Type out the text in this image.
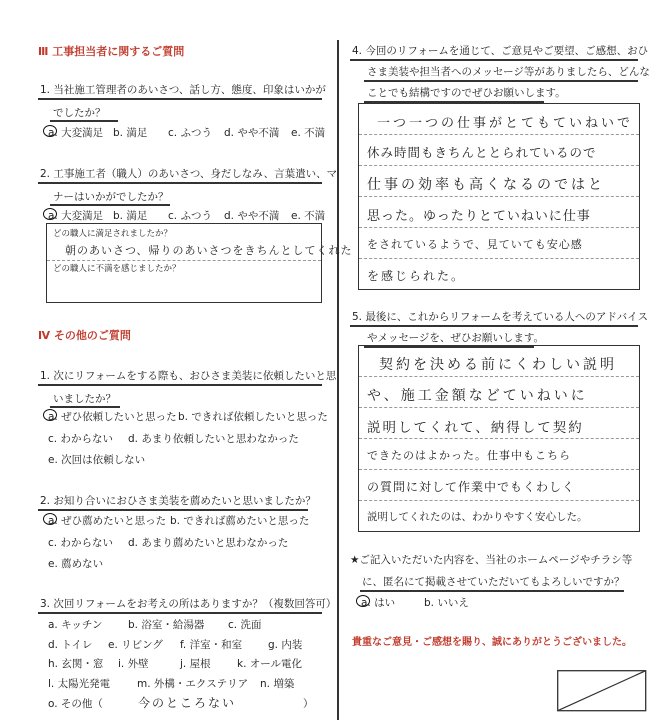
Ⅲ 工事担当者に関するご質問
1. 当社施工管理者のあいさつ、話し方、態度、印象はいかが
でしたか？
a. 大変満足 b. 満足 c. ふつう d. やや不満 e. 不満
2. 工事施工者（職人）のあいさつ、身だしなみ、言葉遣い、マ
ナーはいかがでしたか？
a. 大変満足 b. 満足 c. ふつう d. やや不満 e. 不満
どの職人に満足されましたか？
朝のあいさつ、帰りのあいさつをきちんとしてくれた
どの職人に不満を感じましたか？
Ⅳ その他のご質問
1. 次にリフォームをする際も、おひさま美装に依頼したいと思
いましたか？
a. ぜひ依頼したいと思った b. できれば依頼したいと思った
c. わからない d. あまり依頼したいと思わなかった
e. 次回は依頼しない
2. お知り合いにおひさま美装を薦めたいと思いましたか？
a. ぜひ薦めたいと思った b. できれば薦めたいと思った
c. わからない d. あまり薦めたいと思わなかった
e. 薦めない
3. 次回リフォームをお考えの所はありますか？（複数回答可）
a. キッチン b. 浴室・給湯器 c. 洗面
d. トイレ e. リビング f. 洋室・和室 g. 内装
h. 玄関・窓 i. 外壁	j. 屋根	k. オール電化
l. 太陽光発電	m. 外構・エクステリア n. 増築
o. その他（	今のところない	）
4. 今回のリフォームを通じて、ご意見やご要望、ご感想、おひ
さま美装や担当者へのメッセージ等がありましたら、どんな
ことでも結構ですのでぜひお願いします。
一つ一つの仕事がとてもていねいで
休み時間もきちんととられているので
仕事の効率も高くなるのではと
思った。ゆったりとていねいに仕事
をされているようで、見ていても安心感
を感じられた。
5. 最後に、これからリフォームを考えている人へのアドバイス
やメッセージを、ぜひお願いします。
契約を決める前にくわしい説明
や、施工金額などていねいに
説明してくれて、納得して契約
できたのはよかった。仕事中もこちら
の質問に対して作業中でもくわしく
説明してくれたのは、わかりやすく安心した。
★ご記入いただいた内容を、当社のホームページやチラシ等
に、匿名にて掲載させていただいてもよろしいですか？
a. はい	b. いいえ
貴重なご意見・ご感想を賜り、誠にありがとうございました。
